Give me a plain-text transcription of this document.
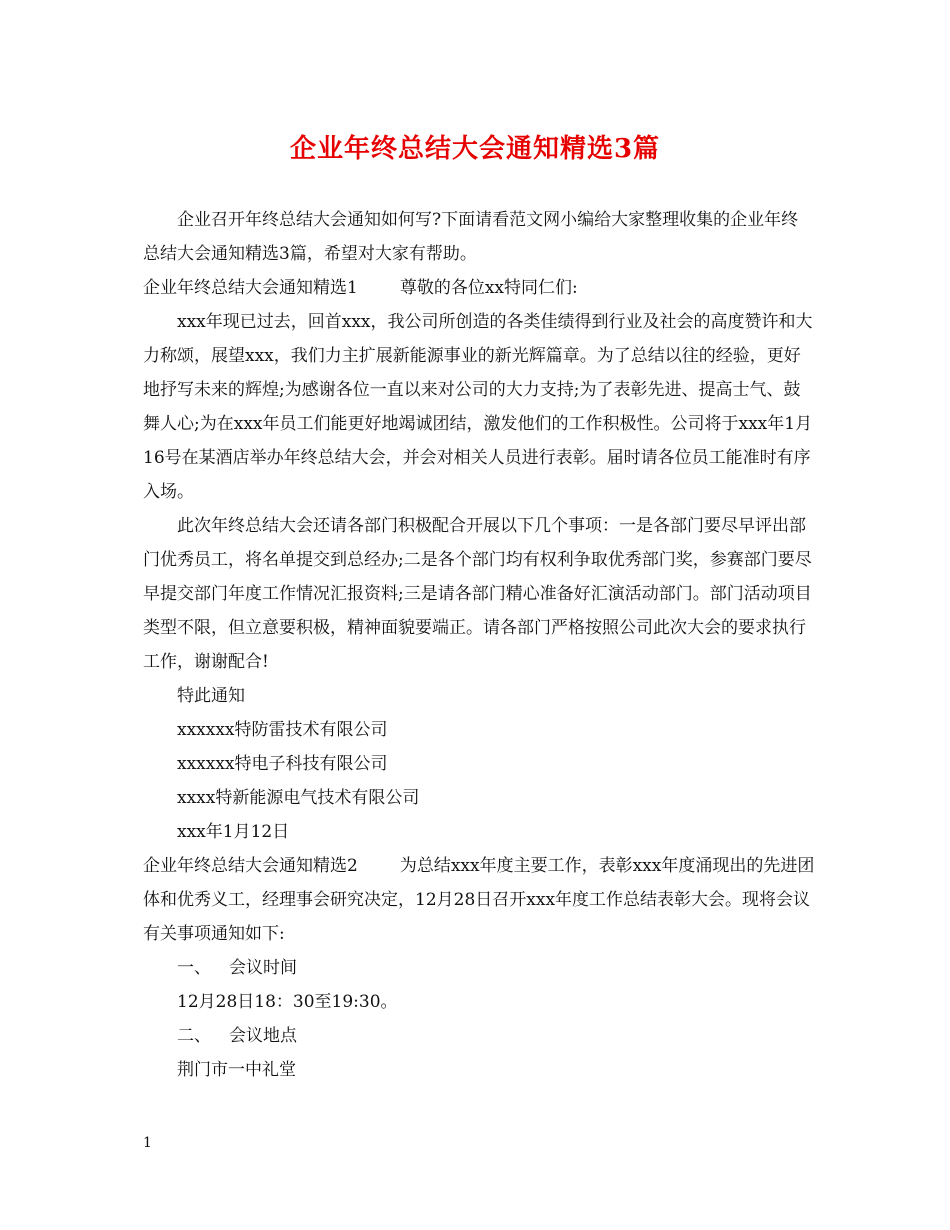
企业年终总结大会通知精选3篇

企业召开年终总结大会通知如何写?下面请看范文网小编给大家整理收集的企业年终总结大会通知精选3篇，希望对大家有帮助。

企业年终总结大会通知精选1 尊敬的各位xx特同仁们:

xxx年现已过去，回首xxx，我公司所创造的各类佳绩得到行业及社会的高度赞许和大力称颂，展望xxx，我们力主扩展新能源事业的新光辉篇章。为了总结以往的经验，更好地抒写未来的辉煌;为感谢各位一直以来对公司的大力支持;为了表彰先进、提高士气、鼓舞人心;为在xxx年员工们能更好地竭诚团结，激发他们的工作积极性。公司将于xxx年1月16号在某酒店举办年终总结大会，并会对相关人员进行表彰。届时请各位员工能准时有序入场。

此次年终总结大会还请各部门积极配合开展以下几个事项：一是各部门要尽早评出部门优秀员工，将名单提交到总经办;二是各个部门均有权利争取优秀部门奖，参赛部门要尽早提交部门年度工作情况汇报资料;三是请各部门精心准备好汇演活动部门。部门活动项目类型不限，但立意要积极，精神面貌要端正。请各部门严格按照公司此次大会的要求执行工作，谢谢配合!

特此通知

xxxxxx特防雷技术有限公司

xxxxxx特电子科技有限公司

xxxx特新能源电气技术有限公司

xxx年1月12日

企业年终总结大会通知精选2 为总结xxx年度主要工作，表彰xxx年度涌现出的先进团体和优秀义工，经理事会研究决定，12月28日召开xxx年度工作总结表彰大会。现将会议有关事项通知如下:

一、 会议时间

12月28日18：30至19:30。

二、 会议地点

荆门市一中礼堂

1
